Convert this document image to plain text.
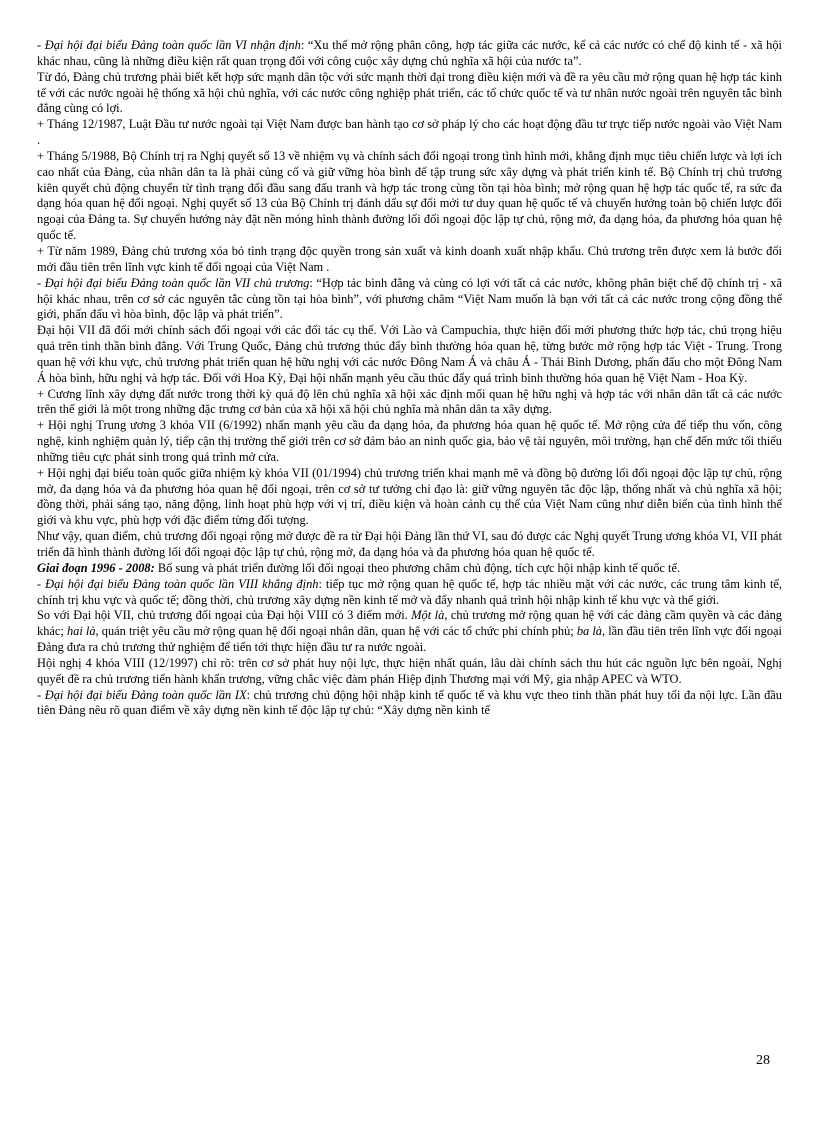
- Đại hội đại biểu Đảng toàn quốc lần VI nhận định: “Xu thế mở rộng phân công, hợp tác giữa các nước, kể cả các nước có chế độ kinh tế - xã hội khác nhau, cũng là những điều kiện rất quan trọng đối với công cuộc xây dựng chủ nghĩa xã hội của nước ta”.

Từ đó, Đảng chủ trương phải biết kết hợp sức mạnh dân tộc với sức mạnh thời đại trong điều kiện mới và đề ra yêu cầu mở rộng quan hệ hợp tác kinh tế với các nước ngoài hệ thống xã hội chủ nghĩa, với các nước công nghiệp phát triển, các tổ chức quốc tế và tư nhân nước ngoài trên nguyên tắc bình đẳng cùng có lợi.

+ Tháng 12/1987, Luật Đầu tư nước ngoài tại Việt Nam được ban hành tạo cơ sở pháp lý cho các hoạt động đầu tư trực tiếp nước ngoài vào Việt Nam .

+ Tháng 5/1988, Bộ Chính trị ra Nghị quyết số 13 về nhiệm vụ và chính sách đối ngoại trong tình hình mới, khẳng định mục tiêu chiến lược và lợi ích cao nhất của Đảng, của nhân dân ta là phải củng cố và giữ vững hòa bình để tập trung sức xây dựng và phát triển kinh tế. Bộ Chính trị chủ trương kiên quyết chủ động chuyển từ tình trạng đối đầu sang đấu tranh và hợp tác trong cùng tồn tại hòa bình; mở rộng quan hệ hợp tác quốc tế, ra sức đa dạng hóa quan hệ đối ngoại. Nghị quyết số 13 của Bộ Chính trị đánh dấu sự đổi mới tư duy quan hệ quốc tế và chuyển hướng toàn bộ chiến lược đối ngoại của Đảng ta. Sự chuyển hướng này đặt nền móng hình thành đường lối đối ngoại độc lập tự chủ, rộng mở, đa dạng hóa, đa phương hóa quan hệ quốc tế.

+ Từ năm 1989, Đảng chủ trương xóa bỏ tình trạng độc quyền trong sản xuất và kinh doanh xuất nhập khẩu. Chủ trương trên được xem là bước đổi mới đầu tiên trên lĩnh vực kinh tế đối ngoại của Việt Nam .

- Đại hội đại biểu Đảng toàn quốc lần VII chủ trương: “Hợp tác bình đẳng và cùng có lợi với tất cả các nước, không phân biệt chế độ chính trị - xã hội khác nhau, trên cơ sở các nguyên tắc cùng tồn tại hòa bình”, với phương châm “Việt Nam muốn là bạn với tất cả các nước trong cộng đồng thế giới, phấn đấu vì hòa bình, độc lập và phát triển”.

Đại hội VII đã đổi mới chính sách đối ngoại với các đối tác cụ thể. Với Lào và Campuchia, thực hiện đổi mới phương thức hợp tác, chú trọng hiệu quả trên tinh thần bình đẳng. Với Trung Quốc, Đảng chủ trương thúc đẩy bình thường hóa quan hệ, từng bước mở rộng hợp tác Việt - Trung. Trong quan hệ với khu vực, chủ trương phát triển quan hệ hữu nghị với các nước Đông Nam Á và châu Á - Thái Bình Dương, phấn đấu cho một Đông Nam Á hòa bình, hữu nghị và hợp tác. Đối với Hoa Kỳ, Đại hội nhấn mạnh yêu cầu thúc đẩy quá trình bình thường hóa quan hệ Việt Nam - Hoa Kỳ.

+ Cương lĩnh xây dựng đất nước trong thời kỳ quá độ lên chủ nghĩa xã hội xác định mối quan hệ hữu nghị và hợp tác với nhân dân tất cả các nước trên thế giới là một trong những đặc trưng cơ bản của xã hội xã hội chủ nghĩa mà nhân dân ta xây dựng.

+ Hội nghị Trung ương 3 khóa VII (6/1992) nhấn mạnh yêu cầu đa dạng hóa, đa phương hóa quan hệ quốc tế. Mở rộng cửa để tiếp thu vốn, công nghệ, kinh nghiệm quản lý, tiếp cận thị trường thế giới trên cơ sở đảm bảo an ninh quốc gia, bảo vệ tài nguyên, môi trường, hạn chế đến mức tối thiểu những tiêu cực phát sinh trong quá trình mở cửa.

+ Hội nghị đại biểu toàn quốc giữa nhiệm kỳ khóa VII (01/1994) chủ trương triển khai mạnh mẽ và đồng bộ đường lối đối ngoại độc lập tự chủ, rộng mở, đa dạng hóa và đa phương hóa quan hệ đối ngoại, trên cơ sở tư tưởng chỉ đạo là: giữ vững nguyên tắc độc lập, thống nhất và chủ nghĩa xã hội; đồng thời, phải sáng tạo, năng động, linh hoạt phù hợp với vị trí, điều kiện và hoàn cảnh cụ thể của Việt Nam cũng như diễn biến của tình hình thế giới và khu vực, phù hợp với đặc điểm từng đối tượng.

Như vậy, quan điểm, chủ trương đối ngoại rộng mở được đề ra từ Đại hội Đảng lần thứ VI, sau đó được các Nghị quyết Trung ương khóa VI, VII phát triển đã hình thành đường lối đối ngoại độc lập tự chủ, rộng mở, đa dạng hóa và đa phương hóa quan hệ quốc tế.

Giai đoạn 1996 - 2008: Bổ sung và phát triển đường lối đối ngoại theo phương châm chủ động, tích cực hội nhập kinh tế quốc tế.

- Đại hội đại biểu Đảng toàn quốc lần VIII khẳng định: tiếp tục mở rộng quan hệ quốc tế, hợp tác nhiều mặt với các nước, các trung tâm kinh tế, chính trị khu vực và quốc tế; đồng thời, chủ trương xây dựng nền kinh tế mở và đẩy nhanh quá trình hội nhập kinh tế khu vực và thế giới.

So với Đại hội VII, chủ trương đối ngoại của Đại hội VIII có 3 điểm mới. Một là, chủ trương mở rộng quan hệ với các đảng cầm quyền và các đảng khác; hai là, quán triệt yêu cầu mở rộng quan hệ đối ngoại nhân dân, quan hệ với các tổ chức phi chính phủ; ba là, lần đầu tiên trên lĩnh vực đối ngoại Đảng đưa ra chủ trương thử nghiệm để tiến tới thực hiện đầu tư ra nước ngoài.

Hội nghị 4 khóa VIII (12/1997) chỉ rõ: trên cơ sở phát huy nội lực, thực hiện nhất quán, lâu dài chính sách thu hút các nguồn lực bên ngoài, Nghị quyết đề ra chủ trương tiến hành khẩn trương, vững chắc việc đàm phán Hiệp định Thương mại với Mỹ, gia nhập APEC và WTO.

- Đại hội đại biểu Đảng toàn quốc lần IX: chủ trương chủ động hội nhập kinh tế quốc tế và khu vực theo tinh thần phát huy tối đa nội lực. Lần đầu tiên Đảng nêu rõ quan điểm về xây dựng nền kinh tế độc lập tự chủ: “Xây dựng nền kinh tế

28
